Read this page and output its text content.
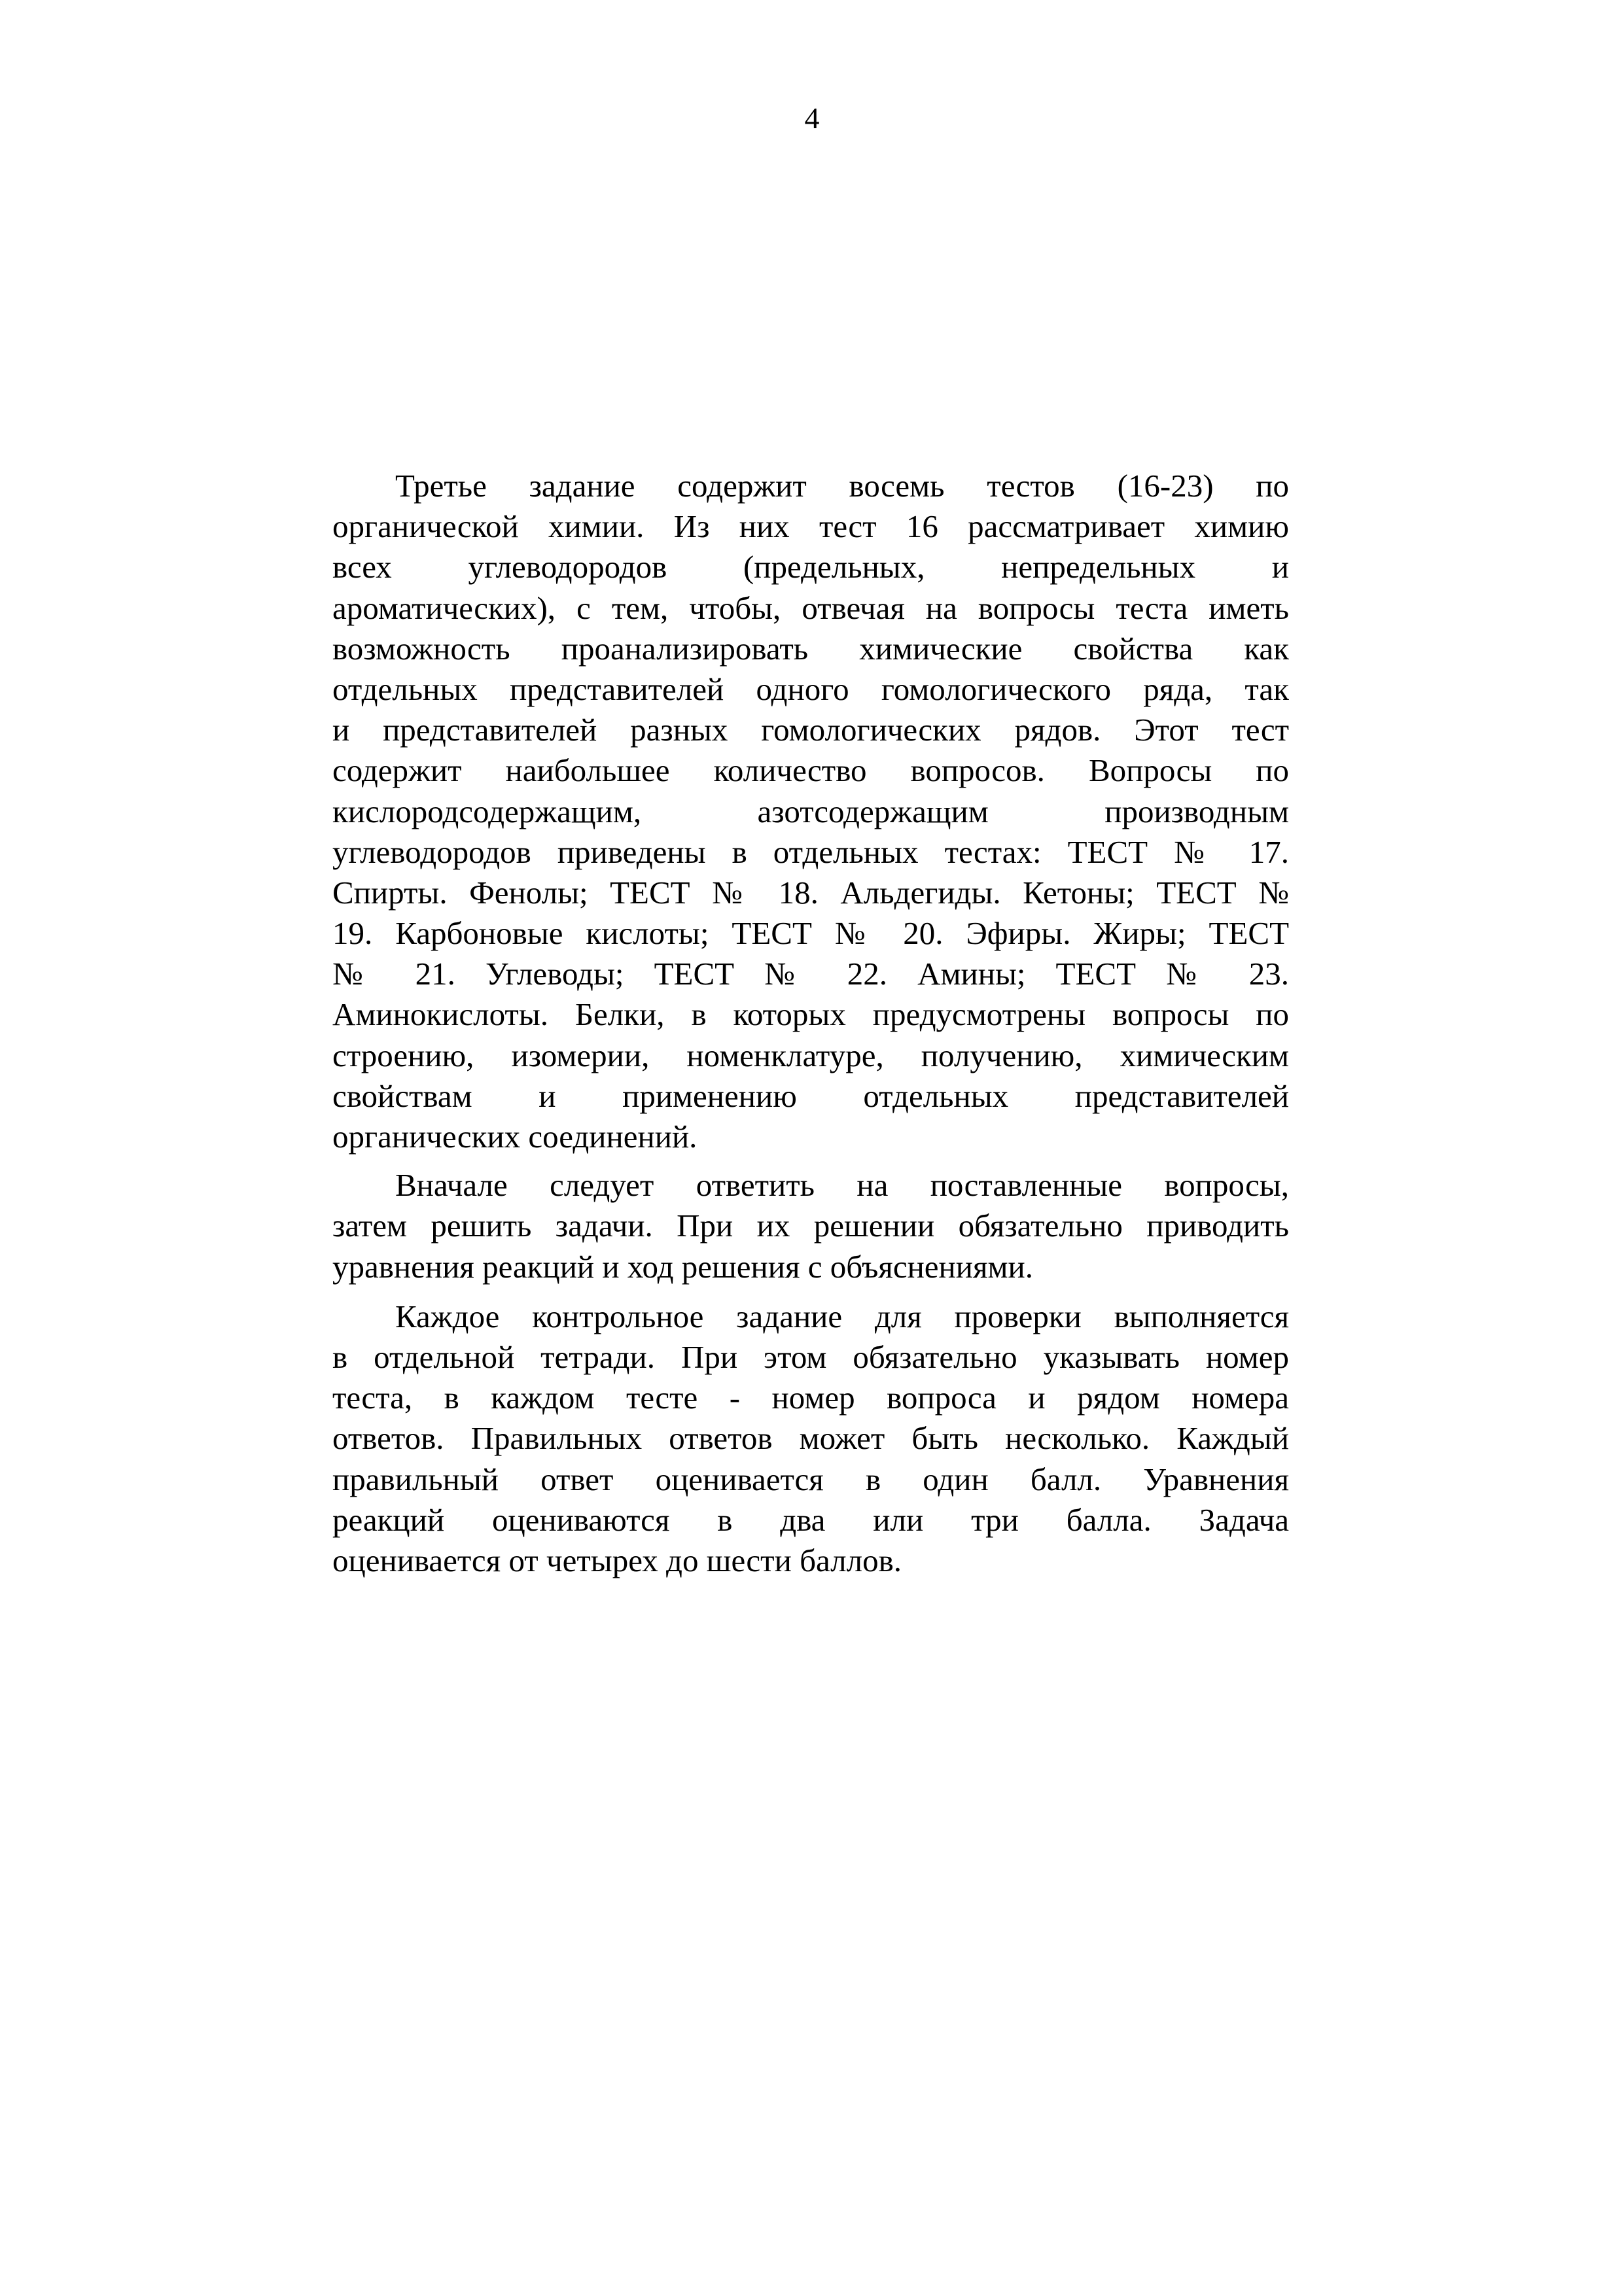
4

Третье задание содержит восемь тестов (16-23) по
органической химии. Из них тест 16 рассматривает химию
всех углеводородов (предельных, непредельных и
ароматических), с тем, чтобы, отвечая на вопросы теста иметь
возможность проанализировать химические свойства как
отдельных представителей одного гомологического ряда, так
и представителей разных гомологических рядов. Этот тест
содержит наибольшее количество вопросов. Вопросы по
кислородсодержащим, азотсодержащим производным
углеводородов приведены в отдельных тестах: ТЕСТ № 17.
Спирты. Фенолы; ТЕСТ № 18. Альдегиды. Кетоны; ТЕСТ №
19. Карбоновые кислоты; ТЕСТ № 20. Эфиры. Жиры; ТЕСТ
№ 21. Углеводы; ТЕСТ № 22. Амины; ТЕСТ № 23.
Аминокислоты. Белки, в которых предусмотрены вопросы по
строению, изомерии, номенклатуре, получению, химическим
свойствам и применению отдельных представителей
органических соединений.

Вначале следует ответить на поставленные вопросы,
затем решить задачи. При их решении обязательно приводить
уравнения реакций и ход решения с объяснениями.

Каждое контрольное задание для проверки выполняется
в отдельной тетради. При этом обязательно указывать номер
теста, в каждом тесте - номер вопроса и рядом номера
ответов. Правильных ответов может быть несколько. Каждый
правильный ответ оценивается в один балл. Уравнения
реакций оцениваются в два или три балла. Задача
оценивается от четырех до шести баллов.
